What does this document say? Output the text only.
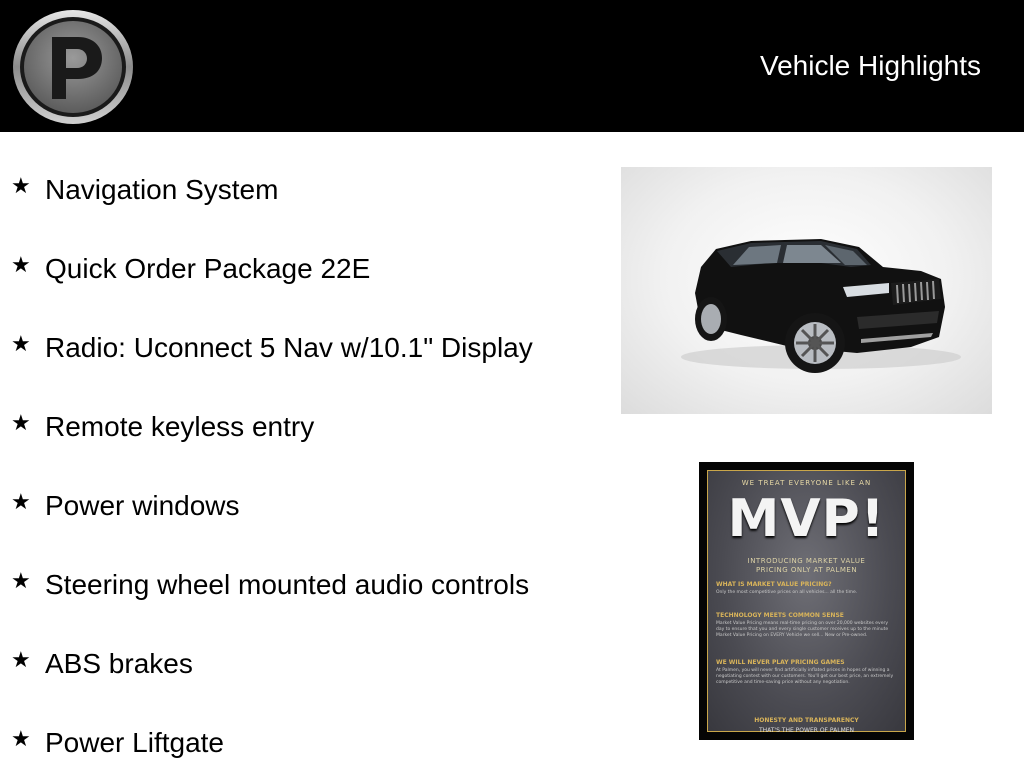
Vehicle Highlights
★ Navigation System
★ Quick Order Package 22E
★ Radio: Uconnect 5 Nav w/10.1" Display
★ Remote keyless entry
★ Power windows
★ Steering wheel mounted audio controls
★ ABS brakes
★ Power Liftgate
WE TREAT EVERYONE LIKE AN
MVP!
INTRODUCING MARKET VALUE
PRICING ONLY AT PALMEN
WHAT IS MARKET VALUE PRICING?
Only the most competitive prices on all vehicles... all the time.
TECHNOLOGY MEETS COMMON SENSE
Market Value Pricing means real-time pricing on over 20,000 websites every day to ensure that you and every single customer receives up to the minute Market Value Pricing on EVERY Vehicle we sell... New or Pre-owned.
WE WILL NEVER PLAY PRICING GAMES
At Palmen, you will never find artificially inflated prices in hopes of winning a negotiating contest with our customers. You'll get our best price, an extremely competitive and time-saving price without any negotiation.
HONESTY AND TRANSPARENCY
THAT'S THE POWER OF PALMEN
